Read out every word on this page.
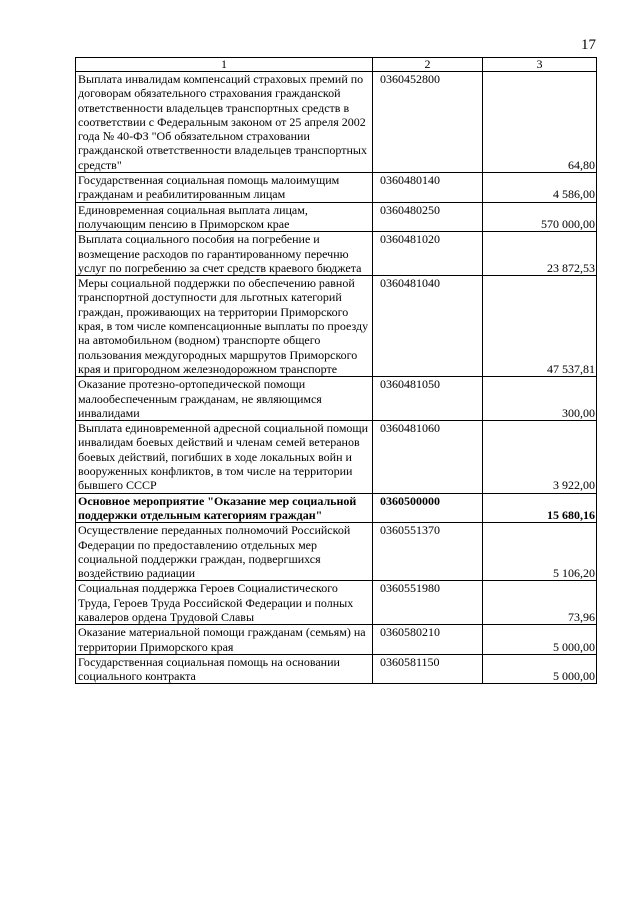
17
1	2	3
Выплата инвалидам компенсаций страховых премий по договорам обязательного страхования гражданской ответственности владельцев транспортных средств в соответствии с Федеральным законом от 25 апреля 2002 года № 40-ФЗ "Об обязательном страховании гражданской ответственности владельцев транспортных средств"	0360452800	64,80
Государственная социальная помощь малоимущим гражданам и реабилитированным лицам	0360480140	4 586,00
Единовременная социальная выплата лицам, получающим пенсию в Приморском крае	0360480250	570 000,00
Выплата социального пособия на погребение и возмещение расходов по гарантированному перечню услуг по погребению за счет средств краевого бюджета	0360481020	23 872,53
Меры социальной поддержки по обеспечению равной транспортной доступности для льготных категорий граждан, проживающих на территории Приморского края, в том числе компенсационные выплаты по проезду на автомобильном (водном) транспорте общего пользования междугородных маршрутов Приморского края и пригородном железнодорожном транспорте	0360481040	47 537,81
Оказание протезно-ортопедической помощи малообеспеченным гражданам, не являющимся инвалидами	0360481050	300,00
Выплата единовременной адресной социальной помощи инвалидам боевых действий и членам семей ветеранов боевых действий, погибших в ходе локальных войн и вооруженных конфликтов, в том числе на территории бывшего СССР	0360481060	3 922,00
Основное мероприятие "Оказание мер социальной поддержки отдельным категориям граждан"	0360500000	15 680,16
Осуществление переданных полномочий Российской Федерации по предоставлению отдельных мер социальной поддержки граждан, подвергшихся воздействию радиации	0360551370	5 106,20
Социальная поддержка Героев Социалистического Труда, Героев Труда Российской Федерации и полных кавалеров ордена Трудовой Славы	0360551980	73,96
Оказание материальной помощи гражданам (семьям) на территории Приморского края	0360580210	5 000,00
Государственная социальная помощь на основании социального контракта	0360581150	5 000,00
